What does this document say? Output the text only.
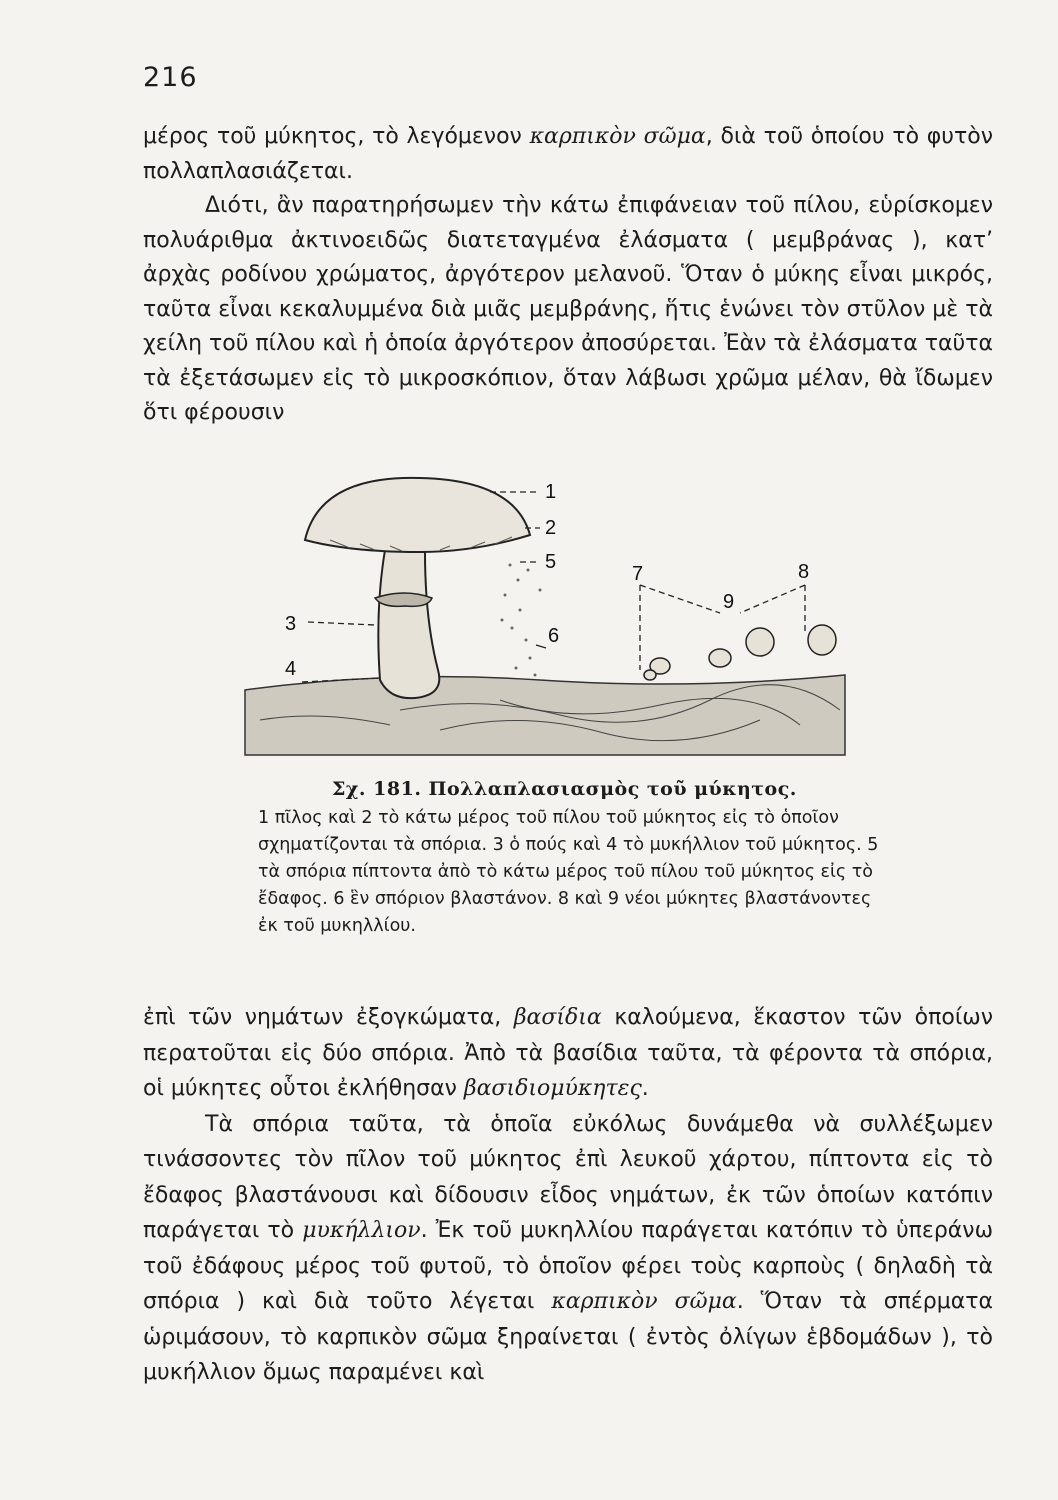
216

μέρος τοῦ μύκητος, τὸ λεγόμενον καρπικὸν σῶμα, διὰ τοῦ ὁποίου τὸ φυτὸν πολλαπλασιάζεται.

Διότι, ἂν παρατηρήσωμεν τὴν κάτω ἐπιφάνειαν τοῦ πίλου, εὑρίσκομεν πολυάριθμα ἀκτινοειδῶς διατεταγμένα ἐλάσματα ( μεμβράνας ), κατ’ ἀρχὰς ροδίνου χρώματος, ἀργότερον μελανοῦ. Ὅταν ὁ μύκης εἶναι μικρός, ταῦτα εἶναι κεκαλυμμένα διὰ μιᾶς μεμβράνης, ἥτις ἑνώνει τὸν στῦλον μὲ τὰ χείλη τοῦ πίλου καὶ ἡ ὁποία ἀργότερον ἀποσύρεται. Ἐὰν τὰ ἐλάσματα ταῦτα τὰ ἐξετάσωμεν εἰς τὸ μικροσκόπιον, ὅταν λάβωσι χρῶμα μέλαν, θὰ ἴδωμεν ὅτι φέρουσιν

1
2
3
4
5
6
7	8
9
Σχ. 181. Πολλαπλασιασμὸς τοῦ μύκητος.

1 πῖλος καὶ 2 τὸ κάτω μέρος τοῦ πίλου τοῦ μύκητος εἰς τὸ ὁποῖον σχηματίζονται τὰ σπόρια. 3 ὁ πούς καὶ 4 τὸ μυκήλλιον τοῦ μύκητος. 5 τὰ σπόρια πίπτοντα ἀπὸ τὸ κάτω μέρος τοῦ πίλου τοῦ μύκητος εἰς τὸ ἔδαφος. 6 ἓν σπόριον βλαστάνον. 8 καὶ 9 νέοι μύκητες βλαστάνοντες ἐκ τοῦ μυκηλλίου.

ἐπὶ τῶν νημάτων ἐξογκώματα, βασίδια καλούμενα, ἕκαστον τῶν ὁποίων περατοῦται εἰς δύο σπόρια. Ἀπὸ τὰ βασίδια ταῦτα, τὰ φέροντα τὰ σπόρια, οἱ μύκητες οὗτοι ἐκλήθησαν βασιδιομύκητες.

Τὰ σπόρια ταῦτα, τὰ ὁποῖα εὐκόλως δυνάμεθα νὰ συλλέξωμεν τινάσσοντες τὸν πῖλον τοῦ μύκητος ἐπὶ λευκοῦ χάρτου, πίπτοντα εἰς τὸ ἔδαφος βλαστάνουσι καὶ δίδουσιν εἶδος νημάτων, ἐκ τῶν ὁποίων κατόπιν παράγεται τὸ μυκήλλιον. Ἐκ τοῦ μυκηλλίου παράγεται κατόπιν τὸ ὑπεράνω τοῦ ἐδάφους μέρος τοῦ φυτοῦ, τὸ ὁποῖον φέρει τοὺς καρποὺς ( δηλαδὴ τὰ σπόρια ) καὶ διὰ τοῦτο λέγεται καρπικὸν σῶμα. Ὅταν τὰ σπέρματα ὡριμάσουν, τὸ καρπικὸν σῶμα ξηραίνεται ( ἐντὸς ὀλίγων ἑβδομάδων ), τὸ μυκήλλιον ὅμως παραμένει καὶ
